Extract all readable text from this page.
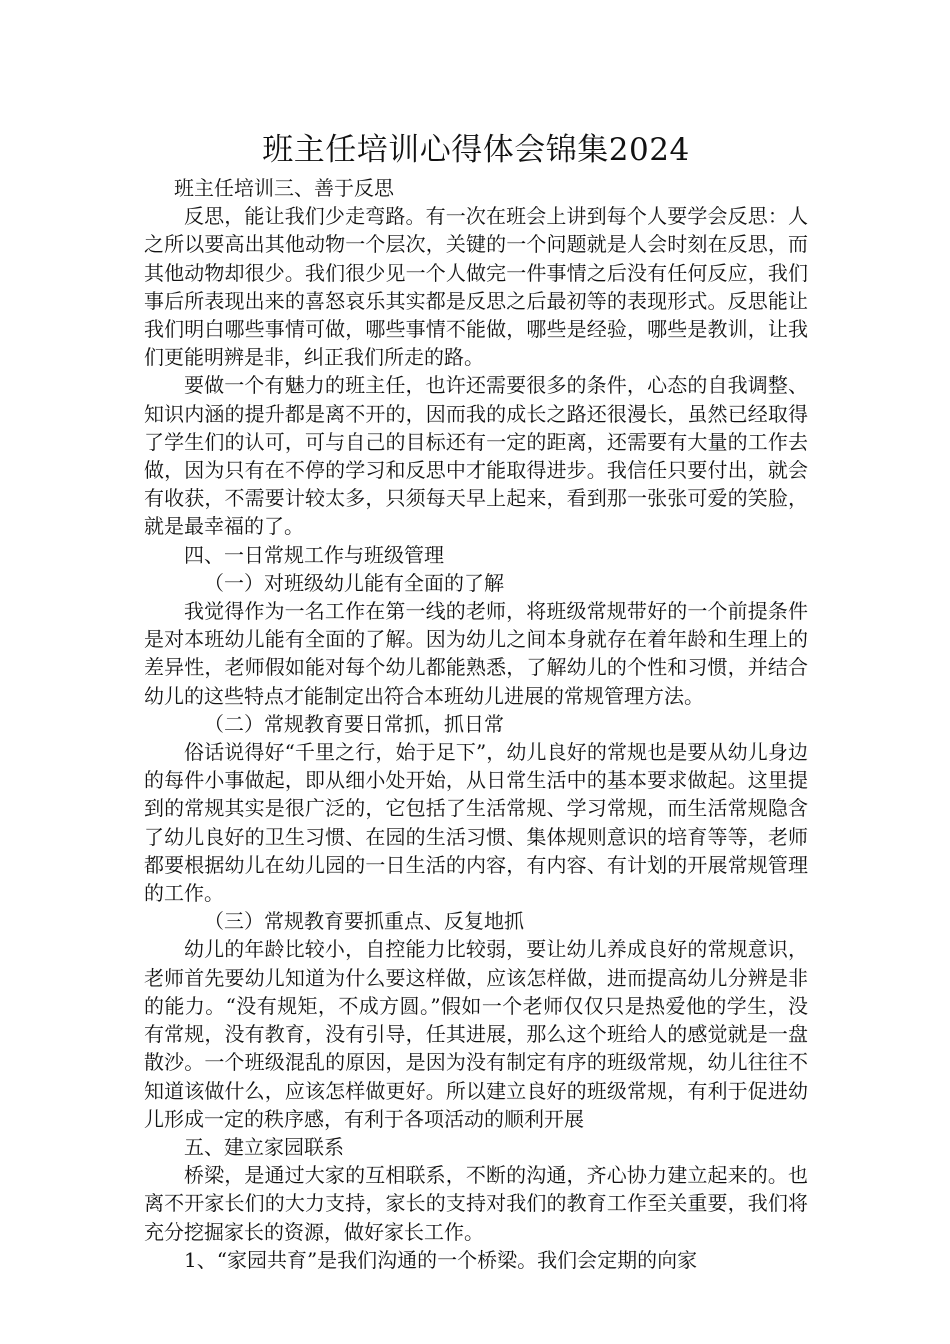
班主任培训心得体会锦集2024

班主任培训三、善于反思

反思，能让我们少走弯路。有一次在班会上讲到每个人要学会反思：人之所以要高出其他动物一个层次，关键的一个问题就是人会时刻在反思，而其他动物却很少。我们很少见一个人做完一件事情之后没有任何反应，我们事后所表现出来的喜怒哀乐其实都是反思之后最初等的表现形式。反思能让我们明白哪些事情可做，哪些事情不能做，哪些是经验，哪些是教训，让我们更能明辨是非，纠正我们所走的路。

要做一个有魅力的班主任，也许还需要很多的条件，心态的自我调整、知识内涵的提升都是离不开的，因而我的成长之路还很漫长，虽然已经取得了学生们的认可，可与自己的目标还有一定的距离，还需要有大量的工作去做，因为只有在不停的学习和反思中才能取得进步。我信任只要付出，就会有收获，不需要计较太多，只须每天早上起来，看到那一张张可爱的笑脸，就是最幸福的了。

四、一日常规工作与班级管理

（一）对班级幼儿能有全面的了解

我觉得作为一名工作在第一线的老师，将班级常规带好的一个前提条件是对本班幼儿能有全面的了解。因为幼儿之间本身就存在着年龄和生理上的差异性，老师假如能对每个幼儿都能熟悉，了解幼儿的个性和习惯，并结合幼儿的这些特点才能制定出符合本班幼儿进展的常规管理方法。

（二）常规教育要日常抓，抓日常

俗话说得好“千里之行，始于足下”，幼儿良好的常规也是要从幼儿身边的每件小事做起，即从细小处开始，从日常生活中的基本要求做起。这里提到的常规其实是很广泛的，它包括了生活常规、学习常规，而生活常规隐含了幼儿良好的卫生习惯、在园的生活习惯、集体规则意识的培育等等，老师都要根据幼儿在幼儿园的一日生活的内容，有内容、有计划的开展常规管理的工作。

（三）常规教育要抓重点、反复地抓

幼儿的年龄比较小，自控能力比较弱，要让幼儿养成良好的常规意识，老师首先要幼儿知道为什么要这样做，应该怎样做，进而提高幼儿分辨是非的能力。“没有规矩，不成方圆。”假如一个老师仅仅只是热爱他的学生，没有常规，没有教育，没有引导，任其进展，那么这个班给人的感觉就是一盘散沙。一个班级混乱的原因，是因为没有制定有序的班级常规，幼儿往往不知道该做什么，应该怎样做更好。所以建立良好的班级常规，有利于促进幼儿形成一定的秩序感，有利于各项活动的顺利开展

五、建立家园联系

桥梁，是通过大家的互相联系，不断的沟通，齐心协力建立起来的。也离不开家长们的大力支持，家长的支持对我们的教育工作至关重要，我们将充分挖掘家长的资源，做好家长工作。

1、“家园共育”是我们沟通的一个桥梁。我们会定期的向家
